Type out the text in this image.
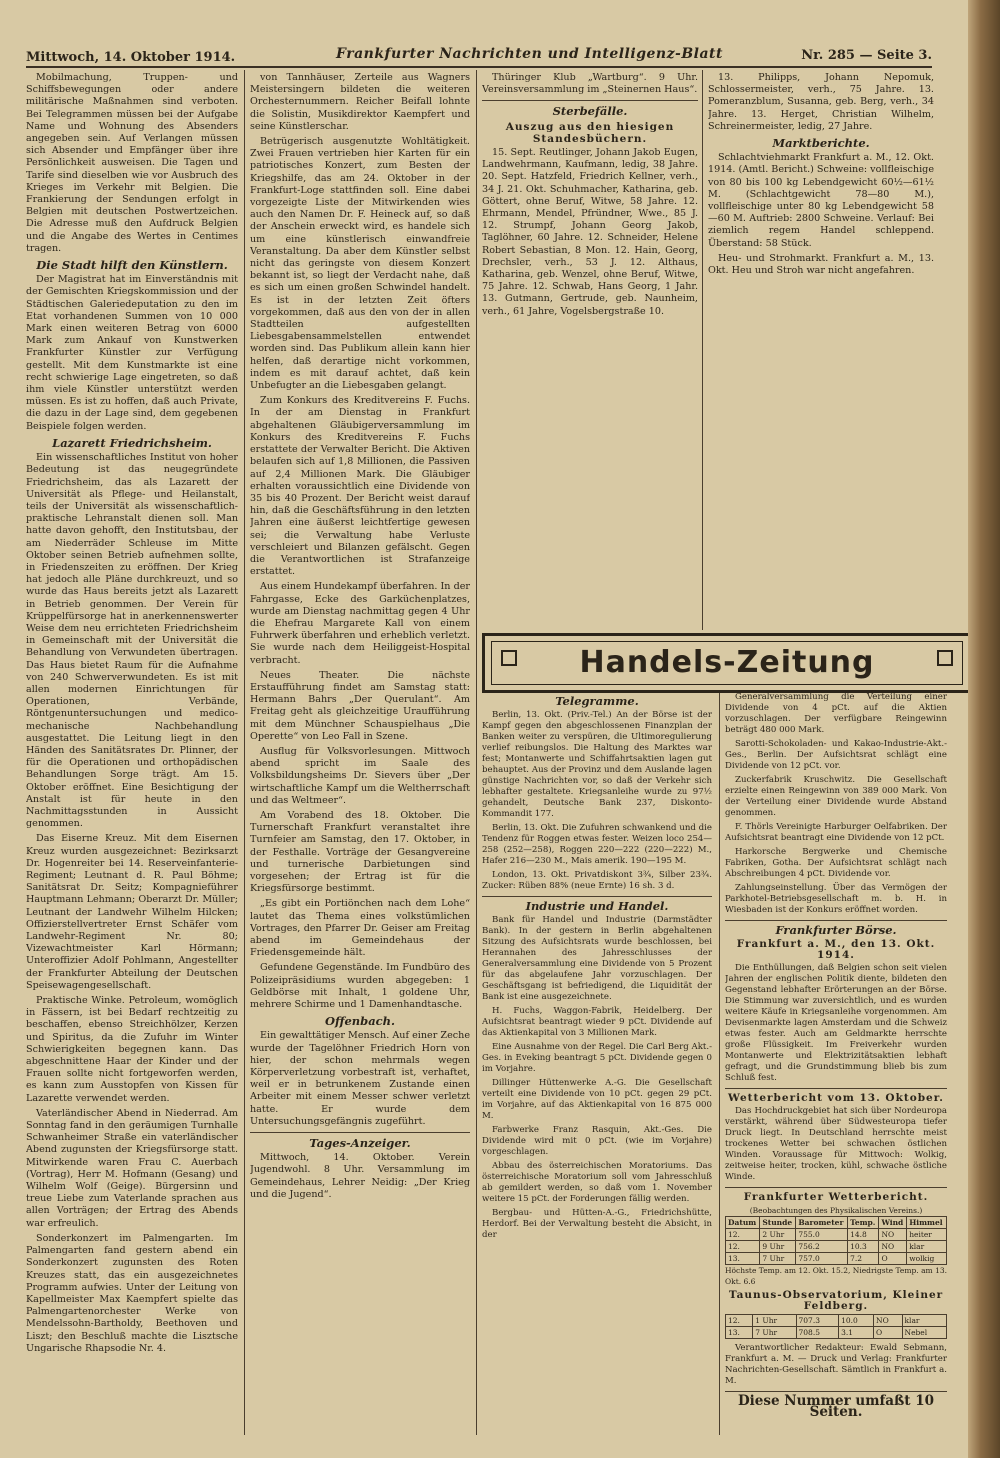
Mittwoch, 14. Oktober 1914.	Frankfurter Nachrichten und Intelligenz-Blatt	Nr. 285 — Seite 3.

Mobilmachung, Truppen- und Schiffsbewegungen oder andere militärische Maßnahmen sind verboten. Bei Telegrammen müssen bei der Aufgabe Name und Wohnung des Absenders angegeben sein. Auf Verlangen müssen sich Absender und Empfänger über ihre Persönlichkeit ausweisen. Die Tagen und Tarife sind dieselben wie vor Ausbruch des Krieges im Verkehr mit Belgien. Die Frankierung der Sendungen erfolgt in Belgien mit deutschen Postwertzeichen. Die Adresse muß den Aufdruck Belgien und die Angabe des Wertes in Centimes tragen.

Die Stadt hilft den Künstlern.

Der Magistrat hat im Einverständnis mit der Gemischten Kriegskommission und der Städtischen Galeriedeputation zu den im Etat vorhandenen Summen von 10 000 Mark einen weiteren Betrag von 6000 Mark zum Ankauf von Kunstwerken Frankfurter Künstler zur Verfügung gestellt. Mit dem Kunstmarkte ist eine recht schwierige Lage eingetreten, so daß ihm viele Künstler unterstützt werden müssen. Es ist zu hoffen, daß auch Private, die dazu in der Lage sind, dem gegebenen Beispiele folgen werden.

Lazarett Friedrichsheim.

Ein wissenschaftliches Institut von hoher Bedeutung ist das neugegründete Friedrichsheim, das als Lazarett der Universität als Pflege- und Heilanstalt, teils der Universität als wissenschaftlich-praktische Lehranstalt dienen soll. Man hatte davon gehofft, den Institutsbau, der am Niederräder Schleuse im Mitte Oktober seinen Betrieb aufnehmen sollte, in Friedenszeiten zu eröffnen. Der Krieg hat jedoch alle Pläne durchkreuzt, und so wurde das Haus bereits jetzt als Lazarett in Betrieb genommen. Der Verein für Krüppelfürsorge hat in anerkennenswerter Weise dem neu errichteten Friedrichsheim in Gemeinschaft mit der Universität die Behandlung von Verwundeten übertragen. Das Haus bietet Raum für die Aufnahme von 240 Schwerverwundeten. Es ist mit allen modernen Einrichtungen für Operationen, Verbände, Röntgenuntersuchungen und medico-mechanische Nachbehandlung ausgestattet. Die Leitung liegt in den Händen des Sanitätsrates Dr. Plinner, der für die Operationen und orthopädischen Behandlungen Sorge trägt. Am 15. Oktober eröffnet. Eine Besichtigung der Anstalt ist für heute in den Nachmittagsstunden in Aussicht genommen.

Das Eiserne Kreuz. Mit dem Eisernen Kreuz wurden ausgezeichnet: Bezirksarzt Dr. Hogenreiter bei 14. Reserveinfanterie-Regiment; Leutnant d. R. Paul Böhme; Sanitätsrat Dr. Seitz; Kompagnieführer Hauptmann Lehmann; Oberarzt Dr. Müller; Leutnant der Landwehr Wilhelm Hilcken; Offizierstellvertreter Ernst Schäfer vom Landwehr-Regiment Nr. 80; Vizewachtmeister Karl Hörmann; Unteroffizier Adolf Pohlmann, Angestellter der Frankfurter Abteilung der Deutschen Speisewagengesellschaft.

Praktische Winke. Petroleum, womöglich in Fässern, ist bei Bedarf rechtzeitig zu beschaffen, ebenso Streichhölzer, Kerzen und Spiritus, da die Zufuhr im Winter Schwierigkeiten begegnen kann. Das abgeschnittene Haar der Kinder und der Frauen sollte nicht fortgeworfen werden, es kann zum Ausstopfen von Kissen für Lazarette verwendet werden.

Vaterländischer Abend in Niederrad. Am Sonntag fand in den geräumigen Turnhalle Schwanheimer Straße ein vaterländischer Abend zugunsten der Kriegsfürsorge statt. Mitwirkende waren Frau C. Auerbach (Vortrag), Herr M. Hofmann (Gesang) und Wilhelm Wolf (Geige). Bürgersinn und treue Liebe zum Vaterlande sprachen aus allen Vorträgen; der Ertrag des Abends war erfreulich.

Sonderkonzert im Palmengarten. Im Palmengarten fand gestern abend ein Sonderkonzert zugunsten des Roten Kreuzes statt, das ein ausgezeichnetes Programm aufwies. Unter der Leitung von Kapellmeister Max Kaempfert spielte das Palmengartenorchester Werke von Mendelssohn-Bartholdy, Beethoven und Liszt; den Beschluß machte die Lisztsche Ungarische Rhapsodie Nr. 4.

von Tannhäuser, Zerteile aus Wagners Meistersingern bildeten die weiteren Orchesternummern. Reicher Beifall lohnte die Solistin, Musikdirektor Kaempfert und seine Künstlerschar.

Betrügerisch ausgenutzte Wohltätigkeit. Zwei Frauen vertrieben hier Karten für ein patriotisches Konzert, zum Besten der Kriegshilfe, das am 24. Oktober in der Frankfurt-Loge stattfinden soll. Eine dabei vorgezeigte Liste der Mitwirkenden wies auch den Namen Dr. F. Heineck auf, so daß der Anschein erweckt wird, es handele sich um eine künstlerisch einwandfreie Veranstaltung. Da aber dem Künstler selbst nicht das geringste von diesem Konzert bekannt ist, so liegt der Verdacht nahe, daß es sich um einen großen Schwindel handelt. Es ist in der letzten Zeit öfters vorgekommen, daß aus den von der in allen Stadtteilen aufgestellten Liebesgabensammelstellen entwendet worden sind. Das Publikum allein kann hier helfen, daß derartige nicht vorkommen, indem es mit darauf achtet, daß kein Unbefugter an die Liebesgaben gelangt.

Zum Konkurs des Kreditvereins F. Fuchs. In der am Dienstag in Frankfurt abgehaltenen Gläubigerversammlung im Konkurs des Kreditvereins F. Fuchs erstattete der Verwalter Bericht. Die Aktiven belaufen sich auf 1,8 Millionen, die Passiven auf 2,4 Millionen Mark. Die Gläubiger erhalten voraussichtlich eine Dividende von 35 bis 40 Prozent. Der Bericht weist darauf hin, daß die Geschäftsführung in den letzten Jahren eine äußerst leichtfertige gewesen sei; die Verwaltung habe Verluste verschleiert und Bilanzen gefälscht. Gegen die Verantwortlichen ist Strafanzeige erstattet.

Aus einem Hundekampf überfahren. In der Fahrgasse, Ecke des Garküchenplatzes, wurde am Dienstag nachmittag gegen 4 Uhr die Ehefrau Margarete Kall von einem Fuhrwerk überfahren und erheblich verletzt. Sie wurde nach dem Heiliggeist-Hospital verbracht.

Neues Theater. Die nächste Erstaufführung findet am Samstag statt: Hermann Bahrs „Der Querulant“. Am Freitag geht als gleichzeitige Uraufführung mit dem Münchner Schauspielhaus „Die Operette“ von Leo Fall in Szene.

Ausflug für Volksvorlesungen. Mittwoch abend spricht im Saale des Volksbildungsheims Dr. Sievers über „Der wirtschaftliche Kampf um die Weltherrschaft und das Weltmeer“.

Am Vorabend des 18. Oktober. Die Turnerschaft Frankfurt veranstaltet ihre Turnfeier am Samstag, den 17. Oktober, in der Festhalle. Vorträge der Gesangvereine und turnerische Darbietungen sind vorgesehen; der Ertrag ist für die Kriegsfürsorge bestimmt.

„Es gibt ein Portiönchen nach dem Lohe“ lautet das Thema eines volkstümlichen Vortrages, den Pfarrer Dr. Geiser am Freitag abend im Gemeindehaus der Friedensgemeinde hält.

Gefundene Gegenstände. Im Fundbüro des Polizeipräsidiums wurden abgegeben: 1 Geldbörse mit Inhalt, 1 goldene Uhr, mehrere Schirme und 1 Damenhandtasche.

Offenbach.

Ein gewalttätiger Mensch. Auf einer Zeche wurde der Tagelöhner Friedrich Horn von hier, der schon mehrmals wegen Körperverletzung vorbestraft ist, verhaftet, weil er in betrunkenem Zustande einen Arbeiter mit einem Messer schwer verletzt hatte. Er wurde dem Untersuchungsgefängnis zugeführt.

Tages-Anzeiger.

Mittwoch, 14. Oktober. Verein Jugendwohl. 8 Uhr. Versammlung im Gemeindehaus, Lehrer Neidig: „Der Krieg und die Jugend“.

Thüringer Klub „Wartburg“. 9 Uhr. Vereinsversammlung im „Steinernen Haus“.

Sterbefälle.
Auszug aus den hiesigen Standesbüchern.

15. Sept. Reutlinger, Johann Jakob Eugen, Landwehrmann, Kaufmann, ledig, 38 Jahre. 20. Sept. Hatzfeld, Friedrich Kellner, verh., 34 J. 21. Okt. Schuhmacher, Katharina, geb. Göttert, ohne Beruf, Witwe, 58 Jahre. 12. Ehrmann, Mendel, Pfründner, Wwe., 85 J. 12. Strumpf, Johann Georg Jakob, Taglöhner, 60 Jahre. 12. Schneider, Helene Robert Sebastian, 8 Mon. 12. Hain, Georg, Drechsler, verh., 53 J. 12. Althaus, Katharina, geb. Wenzel, ohne Beruf, Witwe, 75 Jahre. 12. Schwab, Hans Georg, 1 Jahr. 13. Gutmann, Gertrude, geb. Naunheim, verh., 61 Jahre, Vogelsbergstraße 10.

13. Philipps, Johann Nepomuk, Schlossermeister, verh., 75 Jahre. 13. Pomeranzblum, Susanna, geb. Berg, verh., 34 Jahre. 13. Herget, Christian Wilhelm, Schreinermeister, ledig, 27 Jahre.

Marktberichte.

Schlachtviehmarkt Frankfurt a. M., 12. Okt. 1914. (Amtl. Bericht.) Schweine: vollfleischige von 80 bis 100 kg Lebendgewicht 60½—61½ M. (Schlachtgewicht 78—80 M.), vollfleischige unter 80 kg Lebendgewicht 58—60 M. Auftrieb: 2800 Schweine. Verlauf: Bei ziemlich regem Handel schleppend. Überstand: 58 Stück.

Heu- und Strohmarkt. Frankfurt a. M., 13. Okt. Heu und Stroh war nicht angefahren.

Handels-Zeitung
Telegramme.

Berlin, 13. Okt. (Priv.-Tel.) An der Börse ist der Kampf gegen den abgeschlossenen Finanzplan der Banken weiter zu verspüren, die Ultimoregulierung verlief reibungslos. Die Haltung des Marktes war fest; Montanwerte und Schiffahrtsaktien lagen gut behauptet. Aus der Provinz und dem Auslande lagen günstige Nachrichten vor, so daß der Verkehr sich lebhafter gestaltete. Kriegsanleihe wurde zu 97½ gehandelt, Deutsche Bank 237, Diskonto-Kommandit 177.

Berlin, 13. Okt. Die Zufuhren schwankend und die Tendenz für Roggen etwas fester. Weizen loco 254—258 (252—258), Roggen 220—222 (220—222) M., Hafer 216—230 M., Mais amerik. 190—195 M.

London, 13. Okt. Privatdiskont 3¾, Silber 23¾. Zucker: Rüben 88% (neue Ernte) 16 sh. 3 d.

Industrie und Handel.

Bank für Handel und Industrie (Darmstädter Bank). In der gestern in Berlin abgehaltenen Sitzung des Aufsichtsrats wurde beschlossen, bei Herannahen des Jahresschlusses der Generalversammlung eine Dividende von 5 Prozent für das abgelaufene Jahr vorzuschlagen. Der Geschäftsgang ist befriedigend, die Liquidität der Bank ist eine ausgezeichnete.

H. Fuchs, Waggon-Fabrik, Heidelberg. Der Aufsichtsrat beantragt wieder 9 pCt. Dividende auf das Aktienkapital von 3 Millionen Mark.

Eine Ausnahme von der Regel. Die Carl Berg Akt.-Ges. in Eveking beantragt 5 pCt. Dividende gegen 0 im Vorjahre.

Dillinger Hüttenwerke A.-G. Die Gesellschaft verteilt eine Dividende von 10 pCt. gegen 29 pCt. im Vorjahre, auf das Aktienkapital von 16 875 000 M.

Farbwerke Franz Rasquin, Akt.-Ges. Die Dividende wird mit 0 pCt. (wie im Vorjahre) vorgeschlagen.

Abbau des österreichischen Moratoriums. Das österreichische Moratorium soll vom Jahresschluß ab gemildert werden, so daß vom 1. November weitere 15 pCt. der Forderungen fällig werden.

Bergbau- und Hütten-A.-G., Friedrichshütte, Herdorf. Bei der Verwaltung besteht die Absicht, in der

Generalversammlung die Verteilung einer Dividende von 4 pCt. auf die Aktien vorzuschlagen. Der verfügbare Reingewinn beträgt 480 000 Mark.

Sarotti-Schokoladen- und Kakao-Industrie-Akt.-Ges., Berlin. Der Aufsichtsrat schlägt eine Dividende von 12 pCt. vor.

Zuckerfabrik Kruschwitz. Die Gesellschaft erzielte einen Reingewinn von 389 000 Mark. Von der Verteilung einer Dividende wurde Abstand genommen.

F. Thörls Vereinigte Harburger Oelfabriken. Der Aufsichtsrat beantragt eine Dividende von 12 pCt.

Harkorsche Bergwerke und Chemische Fabriken, Gotha. Der Aufsichtsrat schlägt nach Abschreibungen 4 pCt. Dividende vor.

Zahlungseinstellung. Über das Vermögen der Parkhotel-Betriebsgesellschaft m. b. H. in Wiesbaden ist der Konkurs eröffnet worden.

Frankfurter Börse.
Frankfurt a. M., den 13. Okt. 1914.

Die Enthüllungen, daß Belgien schon seit vielen Jahren der englischen Politik diente, bildeten den Gegenstand lebhafter Erörterungen an der Börse. Die Stimmung war zuversichtlich, und es wurden weitere Käufe in Kriegsanleihe vorgenommen. Am Devisenmarkte lagen Amsterdam und die Schweiz etwas fester. Auch am Geldmarkte herrschte große Flüssigkeit. Im Freiverkehr wurden Montanwerte und Elektrizitätsaktien lebhaft gefragt, und die Grundstimmung blieb bis zum Schluß fest.

Wetterbericht vom 13. Oktober.

Das Hochdruckgebiet hat sich über Nordeuropa verstärkt, während über Südwesteuropa tiefer Druck liegt. In Deutschland herrschte meist trockenes Wetter bei schwachen östlichen Winden. Voraussage für Mittwoch: Wolkig, zeitweise heiter, trocken, kühl, schwache östliche Winde.

Frankfurter Wetterbericht.
(Beobachtungen des Physikalischen Vereins.)
Datum	Stunde	Barometer	Temp.	Wind	Himmel
12.	2 Uhr	755.0	14.8	NO	heiter
12.	9 Uhr	756.2	10.3	NO	klar
13.	7 Uhr	757.0	7.2	O	wolkig
Höchste Temp. am 12. Okt. 15.2, Niedrigste Temp. am 13. Okt. 6.6
Taunus-Observatorium, Kleiner Feldberg.
12.	1 Uhr	707.3	10.0	NO	klar
13.	7 Uhr	708.5	3.1	O	Nebel

Verantwortlicher Redakteur: Ewald Sebmann, Frankfurt a. M. — Druck und Verlag: Frankfurter Nachrichten-Gesellschaft. Sämtlich in Frankfurt a. M.

Diese Nummer umfaßt 10 Seiten.
